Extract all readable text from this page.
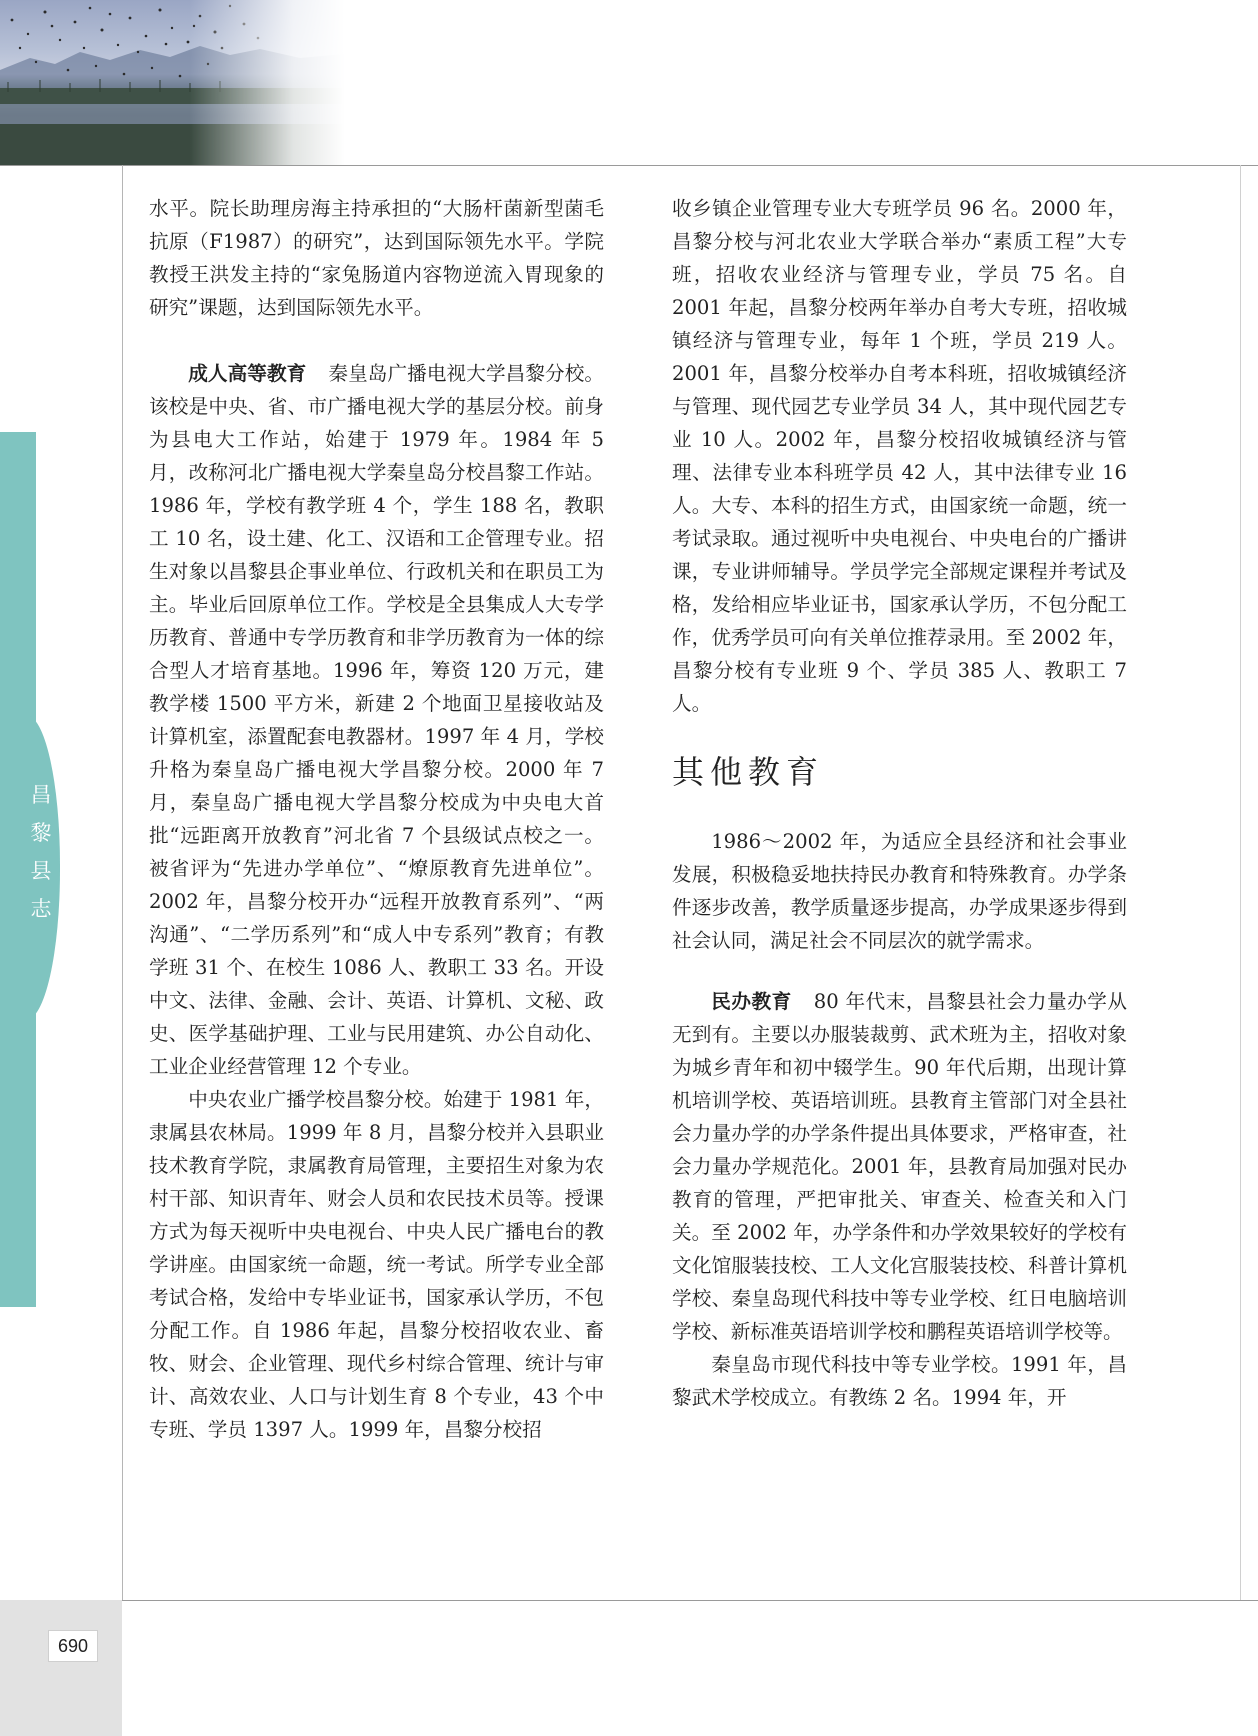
昌
黎
县
志
690

水平。院长助理房海主持承担的“大肠杆菌新型菌毛抗原（F1987）的研究”，达到国际领先水平。学院教授王洪发主持的“家兔肠道内容物逆流入胃现象的研究”课题，达到国际领先水平。

成人高等教育 秦皇岛广播电视大学昌黎分校。该校是中央、省、市广播电视大学的基层分校。前身为县电大工作站，始建于 1979 年。1984 年 5 月，改称河北广播电视大学秦皇岛分校昌黎工作站。1986 年，学校有教学班 4 个，学生 188 名，教职工 10 名，设土建、化工、汉语和工企管理专业。招生对象以昌黎县企事业单位、行政机关和在职员工为主。毕业后回原单位工作。学校是全县集成人大专学历教育、普通中专学历教育和非学历教育为一体的综合型人才培育基地。1996 年，筹资 120 万元，建教学楼 1500 平方米，新建 2 个地面卫星接收站及计算机室，添置配套电教器材。1997 年 4 月，学校升格为秦皇岛广播电视大学昌黎分校。2000 年 7 月，秦皇岛广播电视大学昌黎分校成为中央电大首批“远距离开放教育”河北省 7 个县级试点校之一。被省评为“先进办学单位”、“燎原教育先进单位”。2002 年，昌黎分校开办“远程开放教育系列”、“两沟通”、“二学历系列”和“成人中专系列”教育；有教学班 31 个、在校生 1086 人、教职工 33 名。开设中文、法律、金融、会计、英语、计算机、文秘、政史、医学基础护理、工业与民用建筑、办公自动化、工业企业经营管理 12 个专业。

中央农业广播学校昌黎分校。始建于 1981 年，隶属县农林局。1999 年 8 月，昌黎分校并入县职业技术教育学院，隶属教育局管理，主要招生对象为农村干部、知识青年、财会人员和农民技术员等。授课方式为每天视听中央电视台、中央人民广播电台的教学讲座。由国家统一命题，统一考试。所学专业全部考试合格，发给中专毕业证书，国家承认学历，不包分配工作。自 1986 年起，昌黎分校招收农业、畜牧、财会、企业管理、现代乡村综合管理、统计与审计、高效农业、人口与计划生育 8 个专业，43 个中专班、学员 1397 人。1999 年，昌黎分校招

收乡镇企业管理专业大专班学员 96 名。2000 年，昌黎分校与河北农业大学联合举办“素质工程”大专班，招收农业经济与管理专业，学员 75 名。自 2001 年起，昌黎分校两年举办自考大专班，招收城镇经济与管理专业，每年 1 个班，学员 219 人。2001 年，昌黎分校举办自考本科班，招收城镇经济与管理、现代园艺专业学员 34 人，其中现代园艺专业 10 人。2002 年，昌黎分校招收城镇经济与管理、法律专业本科班学员 42 人，其中法律专业 16 人。大专、本科的招生方式，由国家统一命题，统一考试录取。通过视听中央电视台、中央电台的广播讲课，专业讲师辅导。学员学完全部规定课程并考试及格，发给相应毕业证书，国家承认学历，不包分配工作，优秀学员可向有关单位推荐录用。至 2002 年，昌黎分校有专业班 9 个、学员 385 人、教职工 7 人。

其他教育

1986～2002 年，为适应全县经济和社会事业发展，积极稳妥地扶持民办教育和特殊教育。办学条件逐步改善，教学质量逐步提高，办学成果逐步得到社会认同，满足社会不同层次的就学需求。

民办教育 80 年代末，昌黎县社会力量办学从无到有。主要以办服装裁剪、武术班为主，招收对象为城乡青年和初中辍学生。90 年代后期，出现计算机培训学校、英语培训班。县教育主管部门对全县社会力量办学的办学条件提出具体要求，严格审查，社会力量办学规范化。2001 年，县教育局加强对民办教育的管理，严把审批关、审查关、检查关和入门关。至 2002 年，办学条件和办学效果较好的学校有文化馆服装技校、工人文化宫服装技校、科普计算机学校、秦皇岛现代科技中等专业学校、红日电脑培训学校、新标准英语培训学校和鹏程英语培训学校等。

秦皇岛市现代科技中等专业学校。1991 年，昌黎武术学校成立。有教练 2 名。1994 年，开
